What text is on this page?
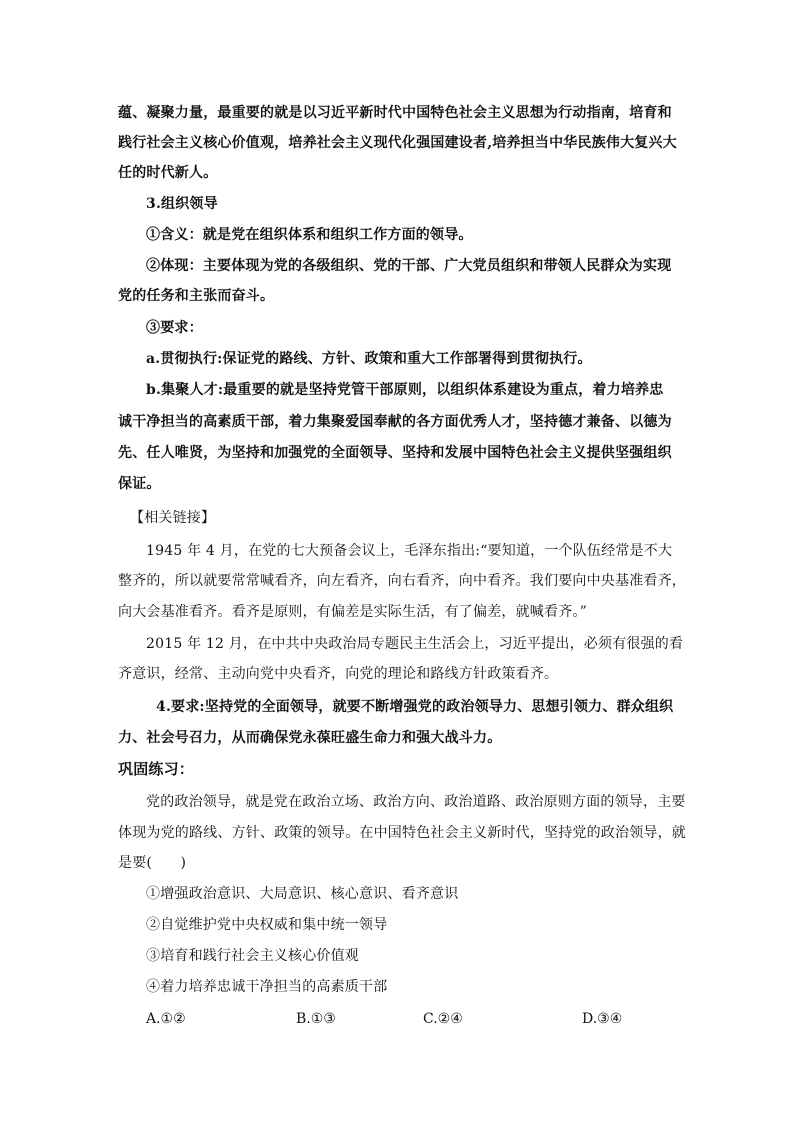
蕴、凝聚力量，最重要的就是以习近平新时代中国特色社会主义思想为行动指南，培育和
践行社会主义核心价值观，培养社会主义现代化强国建设者,培养担当中华民族伟大复兴大
任的时代新人。
3.组织领导
①含义：就是党在组织体系和组织工作方面的领导。
②体现：主要体现为党的各级组织、党的干部、广大党员组织和带领人民群众为实现
党的任务和主张而奋斗。
③要求：
a.贯彻执行:保证党的路线、方针、政策和重大工作部署得到贯彻执行。
b.集聚人才:最重要的就是坚持党管干部原则，以组织体系建设为重点，着力培养忠
诚干净担当的高素质干部，着力集聚爱国奉献的各方面优秀人才，坚持德才兼备、以德为
先、任人唯贤，为坚持和加强党的全面领导、坚持和发展中国特色社会主义提供坚强组织
保证。
【相关链接】
1945 年 4 月，在党的七大预备会议上，毛泽东指出:“要知道，一个队伍经常是不大
整齐的，所以就要常常喊看齐，向左看齐，向右看齐，向中看齐。我们要向中央基准看齐，
向大会基准看齐。看齐是原则，有偏差是实际生活，有了偏差，就喊看齐。”
2015 年 12 月，在中共中央政治局专题民主生活会上，习近平提出，必须有很强的看
齐意识，经常、主动向党中央看齐，向党的理论和路线方针政策看齐。
4.要求:坚持党的全面领导，就要不断增强党的政治领导力、思想引领力、群众组织
力、社会号召力，从而确保党永葆旺盛生命力和强大战斗力。
巩固练习：
党的政治领导，就是党在政治立场、政治方向、政治道路、政治原则方面的领导，主要
体现为党的路线、方针、政策的领导。在中国特色社会主义新时代，坚持党的政治领导，就
是要(　　)
①增强政治意识、大局意识、核心意识、看齐意识
②自觉维护党中央权威和集中统一领导
③培育和践行社会主义核心价值观
④着力培养忠诚干净担当的高素质干部
A.①②	B.①③	C.②④	D.③④
